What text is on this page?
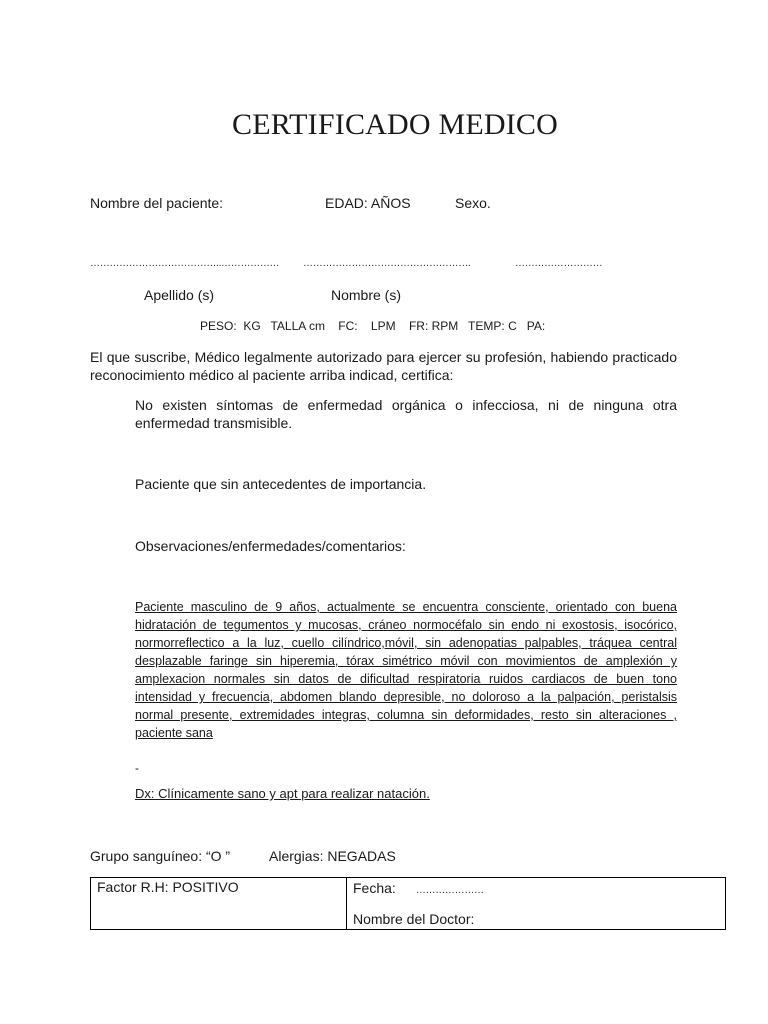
CERTIFICADO MEDICO
Nombre del paciente:	EDAD: AÑOS	Sexo.
…………………………………..……………… …………………………………………….	………………………
Apellido (s)	Nombre (s)
PESO:  KG   TALLA cm    FC:    LPM    FR: RPM   TEMP: C   PA:
El que suscribe, Médico legalmente autorizado para ejercer su profesión, habiendo practicado reconocimiento médico al paciente arriba indicad, certifica:
No existen síntomas de enfermedad orgánica o infecciosa, ni de ninguna otra enfermedad transmisible.
Paciente que sin antecedentes de importancia.
Observaciones/enfermedades/comentarios:
Paciente masculino de 9 años, actualmente se encuentra consciente, orientado con buena hidratación de tegumentos y mucosas, cráneo normocéfalo sin endo ni exostosis, isocórico, normorreflectico a la luz, cuello cilíndrico,móvil, sin adenopatias palpables, tráquea central desplazable faringe sin hiperemia, tórax simétrico móvil con movimientos de amplexión y amplexacion normales sin datos de dificultad respiratoria ruidos cardiacos de buen tono intensidad y frecuencia, abdomen blando depresible, no doloroso a la palpación, peristalsis normal presente, extremidades integras, columna sin deformidades, resto sin alteraciones , paciente sana
-
Dx: Clínicamente sano y apt para realizar natación.
Grupo sanguíneo: “O ”	Alergias: NEGADAS
Factor R.H: POSITIVO	Fecha: …………………
Nombre del Doctor:
